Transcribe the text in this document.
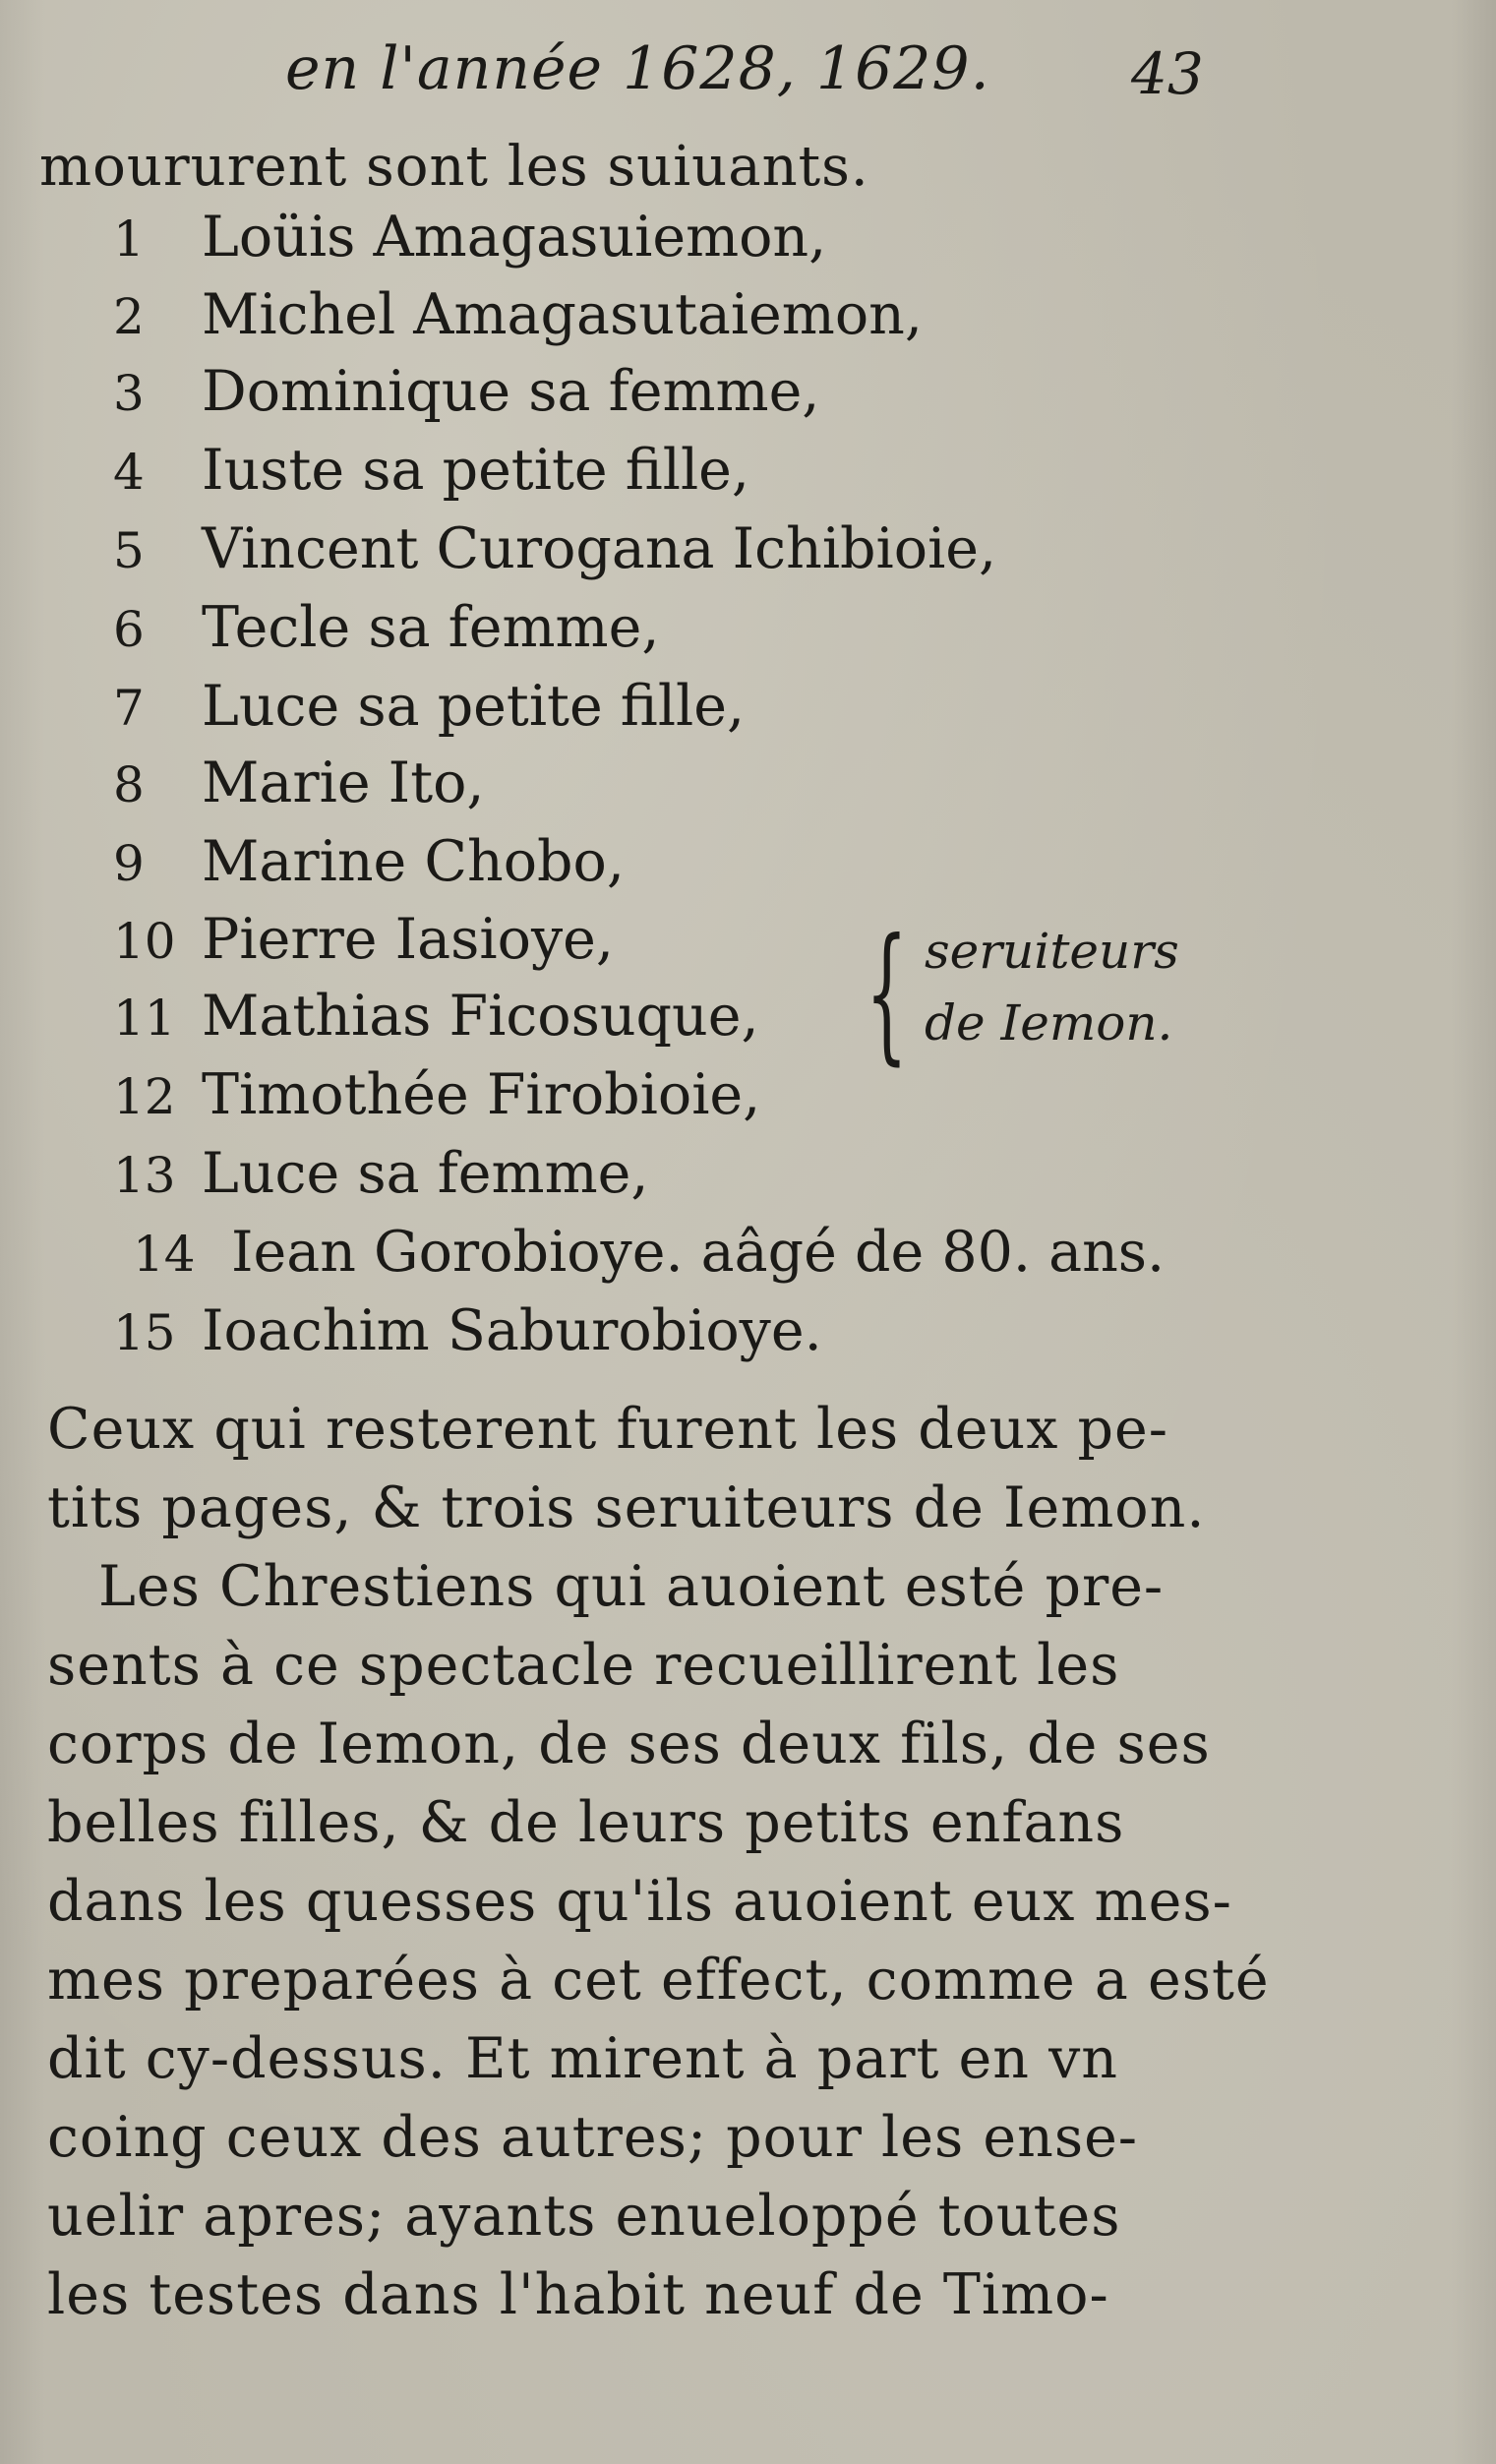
en l'année 1628, 1629. 43
moururent sont les suiuants.
1 Loüis Amagasuiemon,
2 Michel Amagasutaiemon,
3 Dominique sa femme,
4 Iuste sa petite fille,
5 Vincent Curogana Ichibioie,
6 Tecle sa femme,
7 Luce sa petite fille,
8 Marie Ito,
9 Marine Chobo,
10 Pierre Iasioye,
11 Mathias Ficosuque,
12 Timothée Firobioie,
13 Luce sa femme,
14 Iean Gorobioye. aâgé de 80. ans.
15 Ioachim Saburobioye.
{ seruiteurs
de Iemon.
Ceux qui resterent furent les deux pe-
tits pages, & trois seruiteurs de Iemon.
Les Chrestiens qui auoient esté pre-
sents à ce spectacle recueillirent les
corps de Iemon, de ses deux fils, de ses
belles filles, & de leurs petits enfans
dans les quesses qu'ils auoient eux mes-
mes preparées à cet effect, comme a esté
dit cy-dessus. Et mirent à part en vn
coing ceux des autres; pour les ense-
uelir apres; ayants enueloppé toutes
les testes dans l'habit neuf de Timo-
